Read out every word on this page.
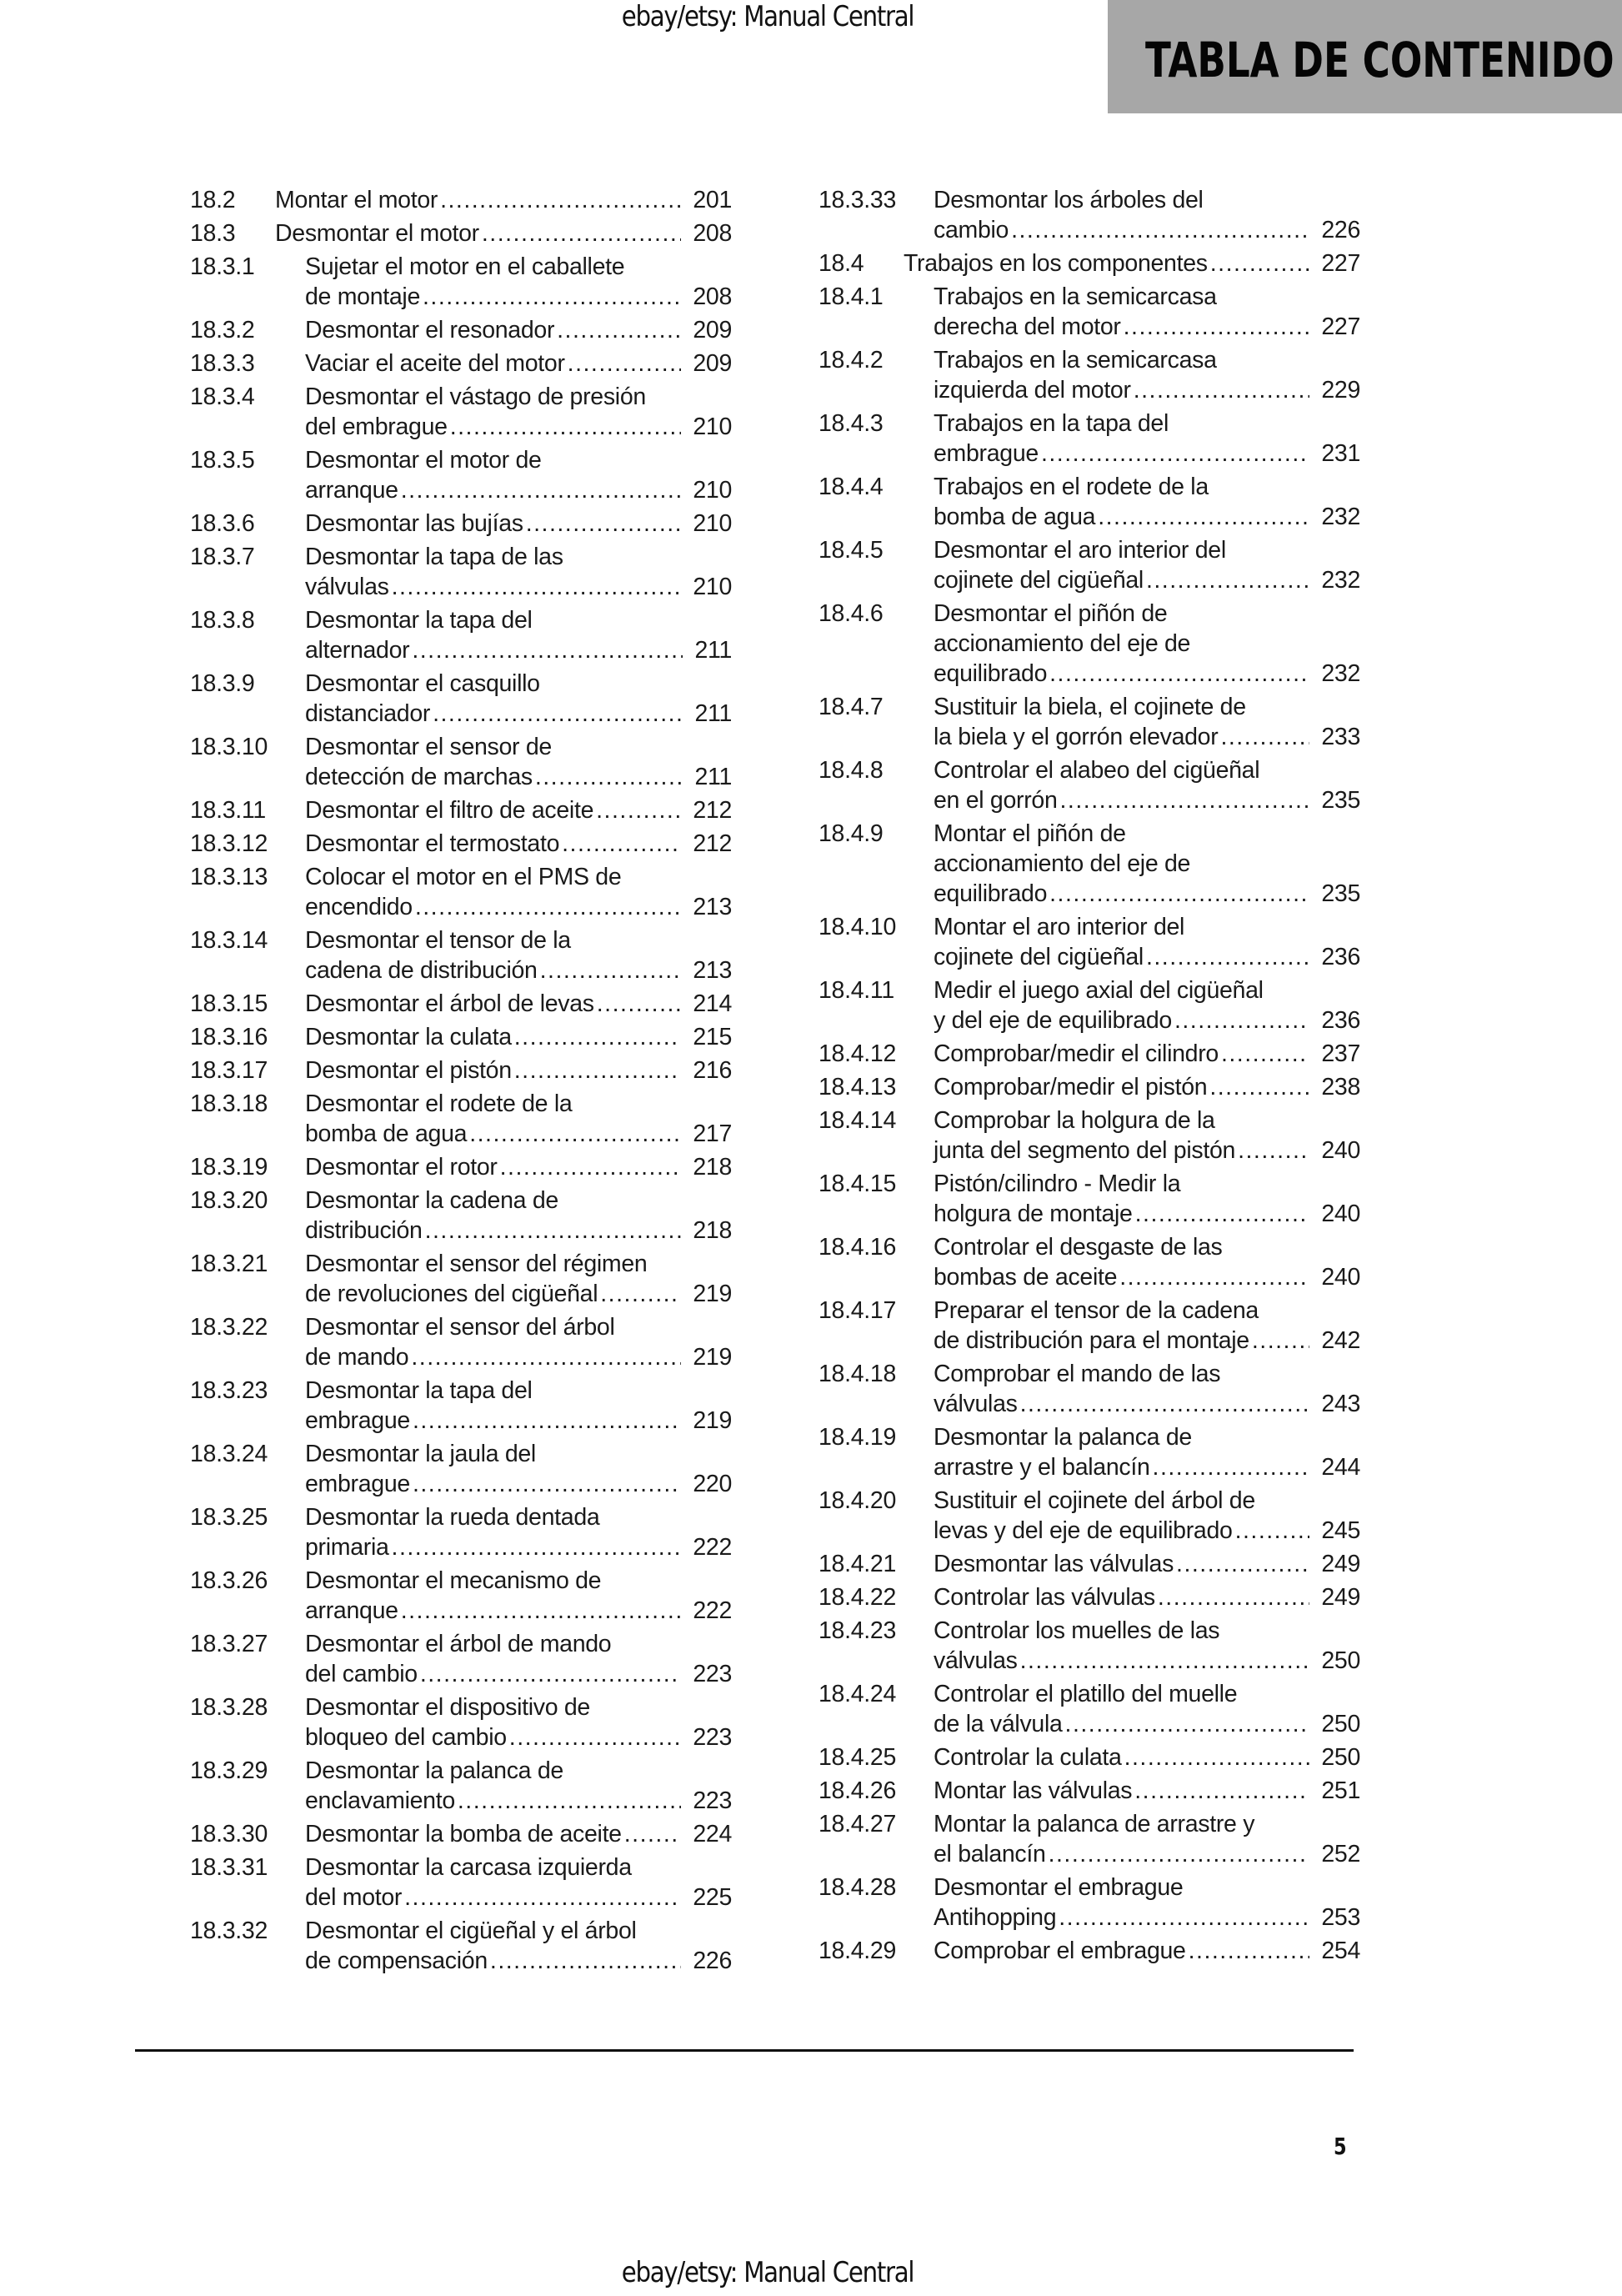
ebay/etsy: Manual Central
TABLA DE CONTENIDO
18.2 Montar el motor .....	201
18.3 Desmontar el motor .....	208
18.3.1 Sujetar el motor en el caballete
de montaje .....	208
18.3.2 Desmontar el resonador .....	209
18.3.3 Vaciar el aceite del motor .....	209
18.3.4 Desmontar el vástago de presión
del embrague .....	210
18.3.5 Desmontar el motor de
arranque .....	210
18.3.6 Desmontar las bujías .....	210
18.3.7 Desmontar la tapa de las
válvulas .....	210
18.3.8 Desmontar la tapa del
alternador .....	211
18.3.9 Desmontar el casquillo
distanciador .....	211
18.3.10 Desmontar el sensor de
detección de marchas .....	211
18.3.11 Desmontar el filtro de aceite .....	212
18.3.12 Desmontar el termostato .....	212
18.3.13 Colocar el motor en el PMS de
encendido .....	213
18.3.14 Desmontar el tensor de la
cadena de distribución .....	213
18.3.15 Desmontar el árbol de levas .....	214
18.3.16 Desmontar la culata .....	215
18.3.17 Desmontar el pistón .....	216
18.3.18 Desmontar el rodete de la
bomba de agua .....	217
18.3.19 Desmontar el rotor .....	218
18.3.20 Desmontar la cadena de
distribución .....	218
18.3.21 Desmontar el sensor del régimen
de revoluciones del cigüeñal .....	219
18.3.22 Desmontar el sensor del árbol
de mando .....	219
18.3.23 Desmontar la tapa del
embrague .....	219
18.3.24 Desmontar la jaula del
embrague .....	220
18.3.25 Desmontar la rueda dentada
primaria .....	222
18.3.26 Desmontar el mecanismo de
arranque .....	222
18.3.27 Desmontar el árbol de mando
del cambio .....	223
18.3.28 Desmontar el dispositivo de
bloqueo del cambio .....	223
18.3.29 Desmontar la palanca de
enclavamiento .....	223
18.3.30 Desmontar la bomba de aceite .....	224
18.3.31 Desmontar la carcasa izquierda
del motor .....	225
18.3.32 Desmontar el cigüeñal y el árbol
de compensación .....	226
18.3.33 Desmontar los árboles del
cambio .....	226
18.4 Trabajos en los componentes .....	227
18.4.1 Trabajos en la semicarcasa
derecha del motor .....	227
18.4.2 Trabajos en la semicarcasa
izquierda del motor .....	229
18.4.3 Trabajos en la tapa del
embrague .....	231
18.4.4 Trabajos en el rodete de la
bomba de agua .....	232
18.4.5 Desmontar el aro interior del
cojinete del cigüeñal .....	232
18.4.6 Desmontar el piñón de
accionamiento del eje de
equilibrado .....	232
18.4.7 Sustituir la biela, el cojinete de
la biela y el gorrón elevador .....	233
18.4.8 Controlar el alabeo del cigüeñal
en el gorrón .....	235
18.4.9 Montar el piñón de
accionamiento del eje de
equilibrado .....	235
18.4.10 Montar el aro interior del
cojinete del cigüeñal .....	236
18.4.11 Medir el juego axial del cigüeñal
y del eje de equilibrado .....	236
18.4.12 Comprobar/medir el cilindro .....	237
18.4.13 Comprobar/medir el pistón .....	238
18.4.14 Comprobar la holgura de la
junta del segmento del pistón .....	240
18.4.15 Pistón/cilindro - Medir la
holgura de montaje .....	240
18.4.16 Controlar el desgaste de las
bombas de aceite .....	240
18.4.17 Preparar el tensor de la cadena
de distribución para el montaje .....	242
18.4.18 Comprobar el mando de las
válvulas .....	243
18.4.19 Desmontar la palanca de
arrastre y el balancín .....	244
18.4.20 Sustituir el cojinete del árbol de
levas y del eje de equilibrado .....	245
18.4.21 Desmontar las válvulas .....	249
18.4.22 Controlar las válvulas .....	249
18.4.23 Controlar los muelles de las
válvulas .....	250
18.4.24 Controlar el platillo del muelle
de la válvula .....	250
18.4.25 Controlar la culata .....	250
18.4.26 Montar las válvulas .....	251
18.4.27 Montar la palanca de arrastre y
el balancín .....	252
18.4.28 Desmontar el embrague
Antihopping .....	253
18.4.29 Comprobar el embrague .....	254
5
ebay/etsy: Manual Central
